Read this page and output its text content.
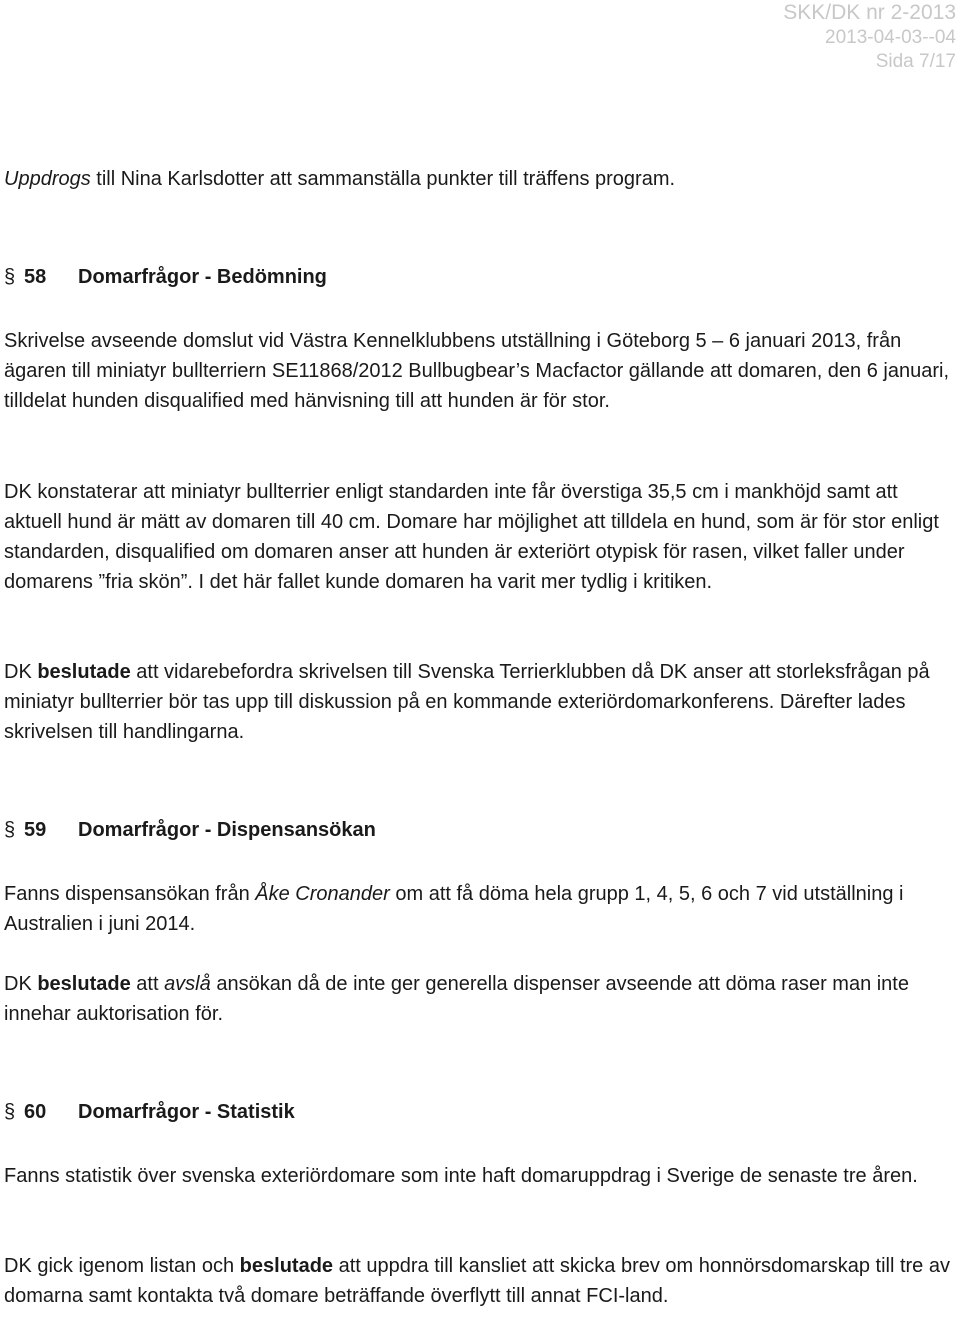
SKK/DK nr 2-2013
2013-04-03--04
Sida 7/17

Uppdrogs till Nina Karlsdotter att sammanställa punkter till träffens program.

§ 58 Domarfrågor - Bedömning

Skrivelse avseende domslut vid Västra Kennelklubbens utställning i Göteborg 5 – 6 januari 2013, från ägaren till miniatyr bullterriern SE11868/2012 Bullbugbear’s Macfactor gällande att domaren, den 6 januari, tilldelat hunden disqualified med hänvisning till att hunden är för stor.

DK konstaterar att miniatyr bullterrier enligt standarden inte får överstiga 35,5 cm i mankhöjd samt att aktuell hund är mätt av domaren till 40 cm. Domare har möjlighet att tilldela en hund, som är för stor enligt standarden, disqualified om domaren anser att hunden är exteriört otypisk för rasen, vilket faller under domarens ”fria skön”. I det här fallet kunde domaren ha varit mer tydlig i kritiken.

DK beslutade att vidarebefordra skrivelsen till Svenska Terrierklubben då DK anser att storleksfrågan på miniatyr bullterrier bör tas upp till diskussion på en kommande exteriördomarkonferens. Därefter lades skrivelsen till handlingarna.

§ 59 Domarfrågor - Dispensansökan

Fanns dispensansökan från Åke Cronander om att få döma hela grupp 1, 4, 5, 6 och 7 vid utställning i Australien i juni 2014.

DK beslutade att avslå ansökan då de inte ger generella dispenser avseende att döma raser man inte innehar auktorisation för.

§ 60 Domarfrågor - Statistik

Fanns statistik över svenska exteriördomare som inte haft domaruppdrag i Sverige de senaste tre åren.

DK gick igenom listan och beslutade att uppdra till kansliet att skicka brev om honnörsdomarskap till tre av domarna samt kontakta två domare beträffande överflytt till annat FCI-land.
